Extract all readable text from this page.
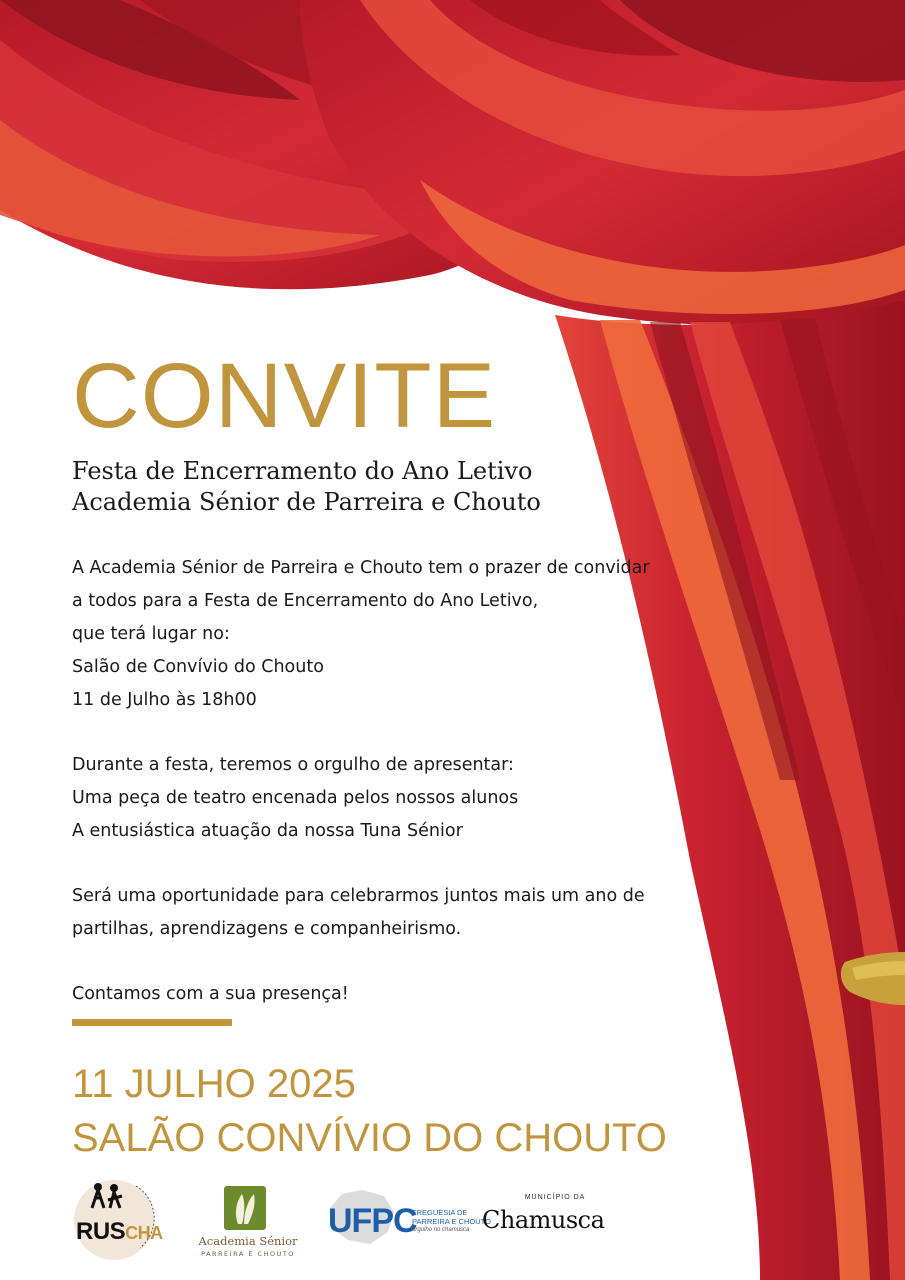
CONVITE
Festa de Encerramento do Ano Letivo
Academia Sénior de Parreira e Chouto
A Academia Sénior de Parreira e Chouto tem o prazer de convidar
a todos para a Festa de Encerramento do Ano Letivo,
que terá lugar no:
Salão de Convívio do Chouto
11 de Julho às 18h00
Durante a festa, teremos o orgulho de apresentar:
Uma peça de teatro encenada pelos nossos alunos
A entusiástica atuação da nossa Tuna Sénior
Será uma oportunidade para celebrarmos juntos mais um ano de
partilhas, aprendizagens e companheirismo.
Contamos com a sua presença!
11 JULHO 2025
SALÃO CONVÍVIO DO CHOUTO
RUSCHA	Academia Sénior
PARREIRA E CHOUTO
UFPC
FREGUESIA DE
PARREIRA E CHOUTO
orgulho no chamusca
MUNICÍPIO DA
Chamusca
